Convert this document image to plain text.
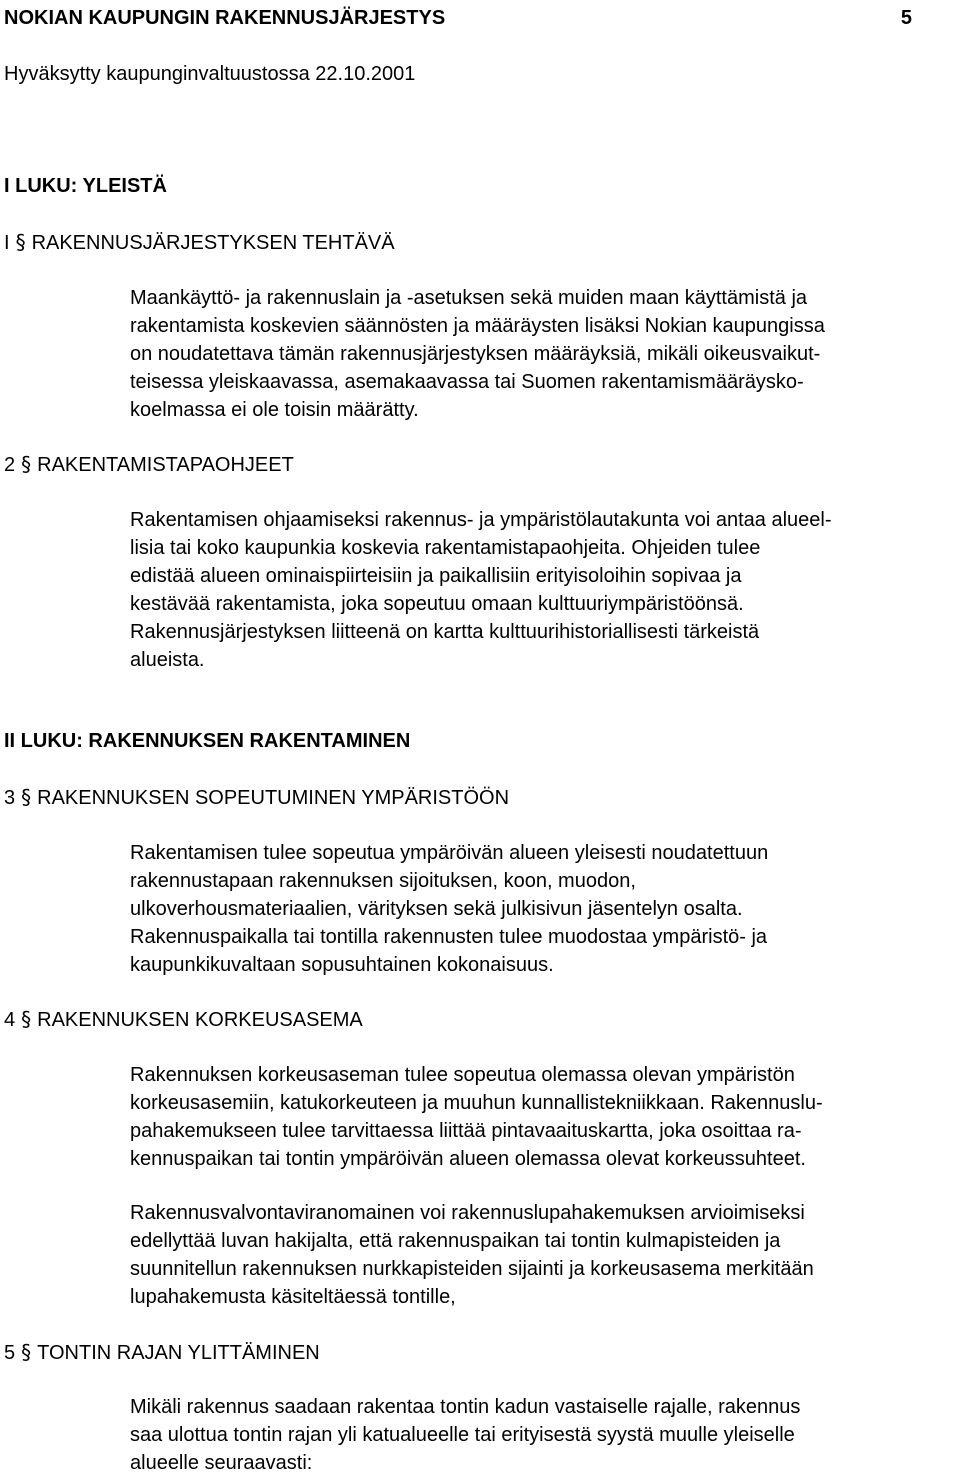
NOKIAN KAUPUNGIN RAKENNUSJÄRJESTYS	5
Hyväksytty kaupunginvaltuustossa 22.10.2001
I LUKU: YLEISTÄ
I § RAKENNUSJÄRJESTYKSEN TEHTÄVÄ
Maankäyttö- ja rakennuslain ja -asetuksen sekä muiden maan käyttämistä ja
rakentamista koskevien säännösten ja määräysten lisäksi Nokian kaupungissa
on noudatettava tämän rakennusjärjestyksen määräyksiä, mikäli oikeusvaikut-
teisessa yleiskaavassa, asemakaavassa tai Suomen rakentamismääräysko-
koelmassa ei ole toisin määrätty.
2 § RAKENTAMISTAPAOHJEET
Rakentamisen ohjaamiseksi rakennus- ja ympäristölautakunta voi antaa alueel-
lisia tai koko kaupunkia koskevia rakentamistapaohjeita. Ohjeiden tulee
edistää alueen ominaispiirteisiin ja paikallisiin erityisoloihin sopivaa ja
kestävää rakentamista, joka sopeutuu omaan kulttuuriympäristöönsä.
Rakennusjärjestyksen liitteenä on kartta kulttuurihistoriallisesti tärkeistä
alueista.
II LUKU: RAKENNUKSEN RAKENTAMINEN
3 § RAKENNUKSEN SOPEUTUMINEN YMPÄRISTÖÖN
Rakentamisen tulee sopeutua ympäröivän alueen yleisesti noudatettuun
rakennustapaan rakennuksen sijoituksen, koon, muodon,
ulkoverhousmateriaalien, värityksen sekä julkisivun jäsentelyn osalta.
Rakennuspaikalla tai tontilla rakennusten tulee muodostaa ympäristö- ja
kaupunkikuvaltaan sopusuhtainen kokonaisuus.
4 § RAKENNUKSEN KORKEUSASEMA
Rakennuksen korkeusaseman tulee sopeutua olemassa olevan ympäristön
korkeusasemiin, katukorkeuteen ja muuhun kunnallistekniikkaan. Rakennuslu-
pahakemukseen tulee tarvittaessa liittää pintavaaituskartta, joka osoittaa ra-
kennuspaikan tai tontin ympäröivän alueen olemassa olevat korkeussuhteet.
Rakennusvalvontaviranomainen voi rakennuslupahakemuksen arvioimiseksi
edellyttää luvan hakijalta, että rakennuspaikan tai tontin kulmapisteiden ja
suunnitellun rakennuksen nurkkapisteiden sijainti ja korkeusasema merkitään
lupahakemusta käsiteltäessä tontille,
5 § TONTIN RAJAN YLITTÄMINEN
Mikäli rakennus saadaan rakentaa tontin kadun vastaiselle rajalle, rakennus
saa ulottua tontin rajan yli katualueelle tai erityisestä syystä muulle yleiselle
alueelle seuraavasti:
